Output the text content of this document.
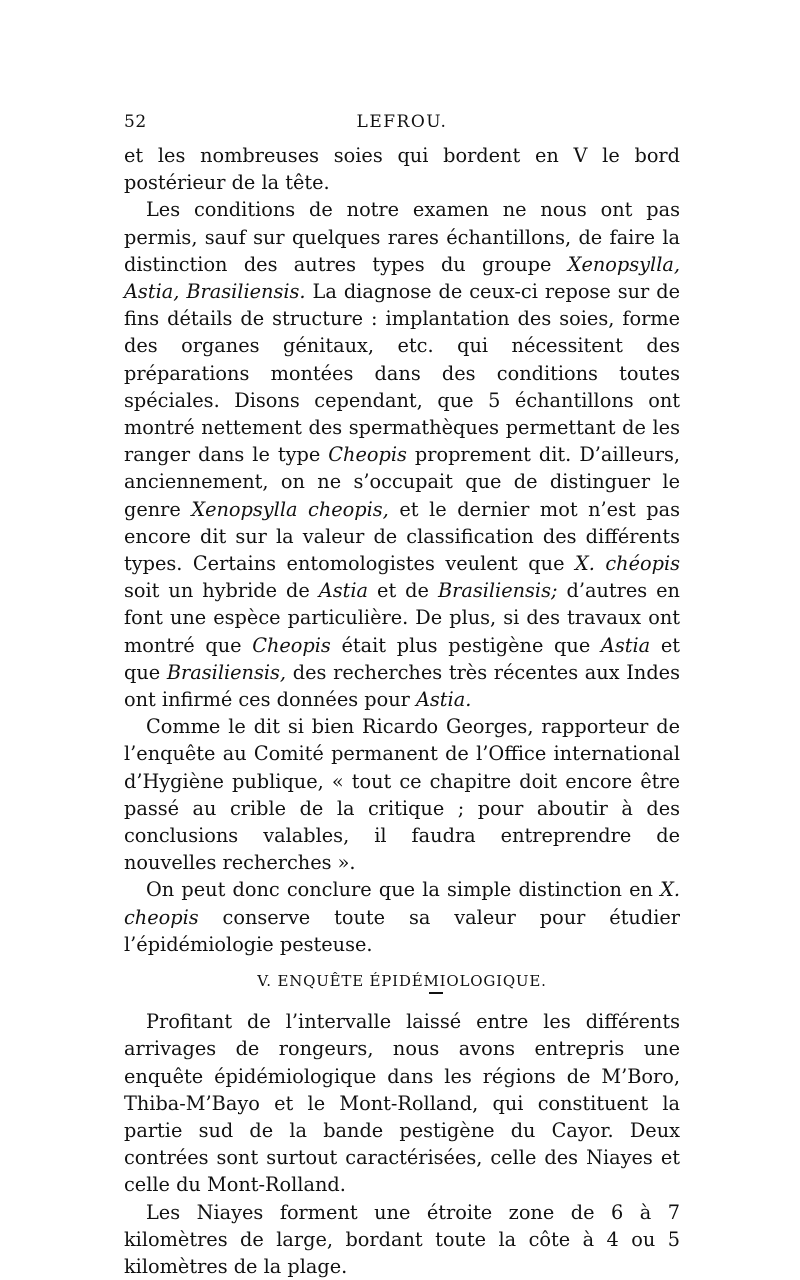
52	LEFROU.

et les nombreuses soies qui bordent en V le bord postérieur de la tête.

Les conditions de notre examen ne nous ont pas permis, sauf sur quelques rares échantillons, de faire la distinction des autres types du groupe Xenopsylla, Astia, Brasiliensis. La diagnose de ceux-ci repose sur de fins détails de structure : implantation des soies, forme des organes génitaux, etc. qui nécessitent des préparations montées dans des conditions toutes spéciales. Disons cependant, que 5 échantillons ont montré nettement des spermathèques permettant de les ranger dans le type Cheopis proprement dit. D’ailleurs, anciennement, on ne s’occupait que de distinguer le genre Xenopsylla cheopis, et le dernier mot n’est pas encore dit sur la valeur de classification des différents types. Certains entomologistes veulent que X. chéopis soit un hybride de Astia et de Brasiliensis; d’autres en font une espèce particulière. De plus, si des travaux ont montré que Cheopis était plus pestigène que Astia et que Brasiliensis, des recherches très récentes aux Indes ont infirmé ces données pour Astia.

Comme le dit si bien Ricardo Georges, rapporteur de l’enquête au Comité permanent de l’Office international d’Hygiène publique, « tout ce chapitre doit encore être passé au crible de la critique ; pour aboutir à des conclusions valables, il faudra entreprendre de nouvelles recherches ».

On peut donc conclure que la simple distinction en X. cheopis conserve toute sa valeur pour étudier l’épidémiologie pesteuse.

V. ENQUÊTE ÉPIDÉMIOLOGIQUE.

Profitant de l’intervalle laissé entre les différents arrivages de rongeurs, nous avons entrepris une enquête épidémiologique dans les régions de M’Boro, Thiba-M’Bayo et le Mont-Rolland, qui constituent la partie sud de la bande pestigène du Cayor. Deux contrées sont surtout caractérisées, celle des Niayes et celle du Mont-Rolland.

Les Niayes forment une étroite zone de 6 à 7 kilomètres de large, bordant toute la côte à 4 ou 5 kilomètres de la plage.
